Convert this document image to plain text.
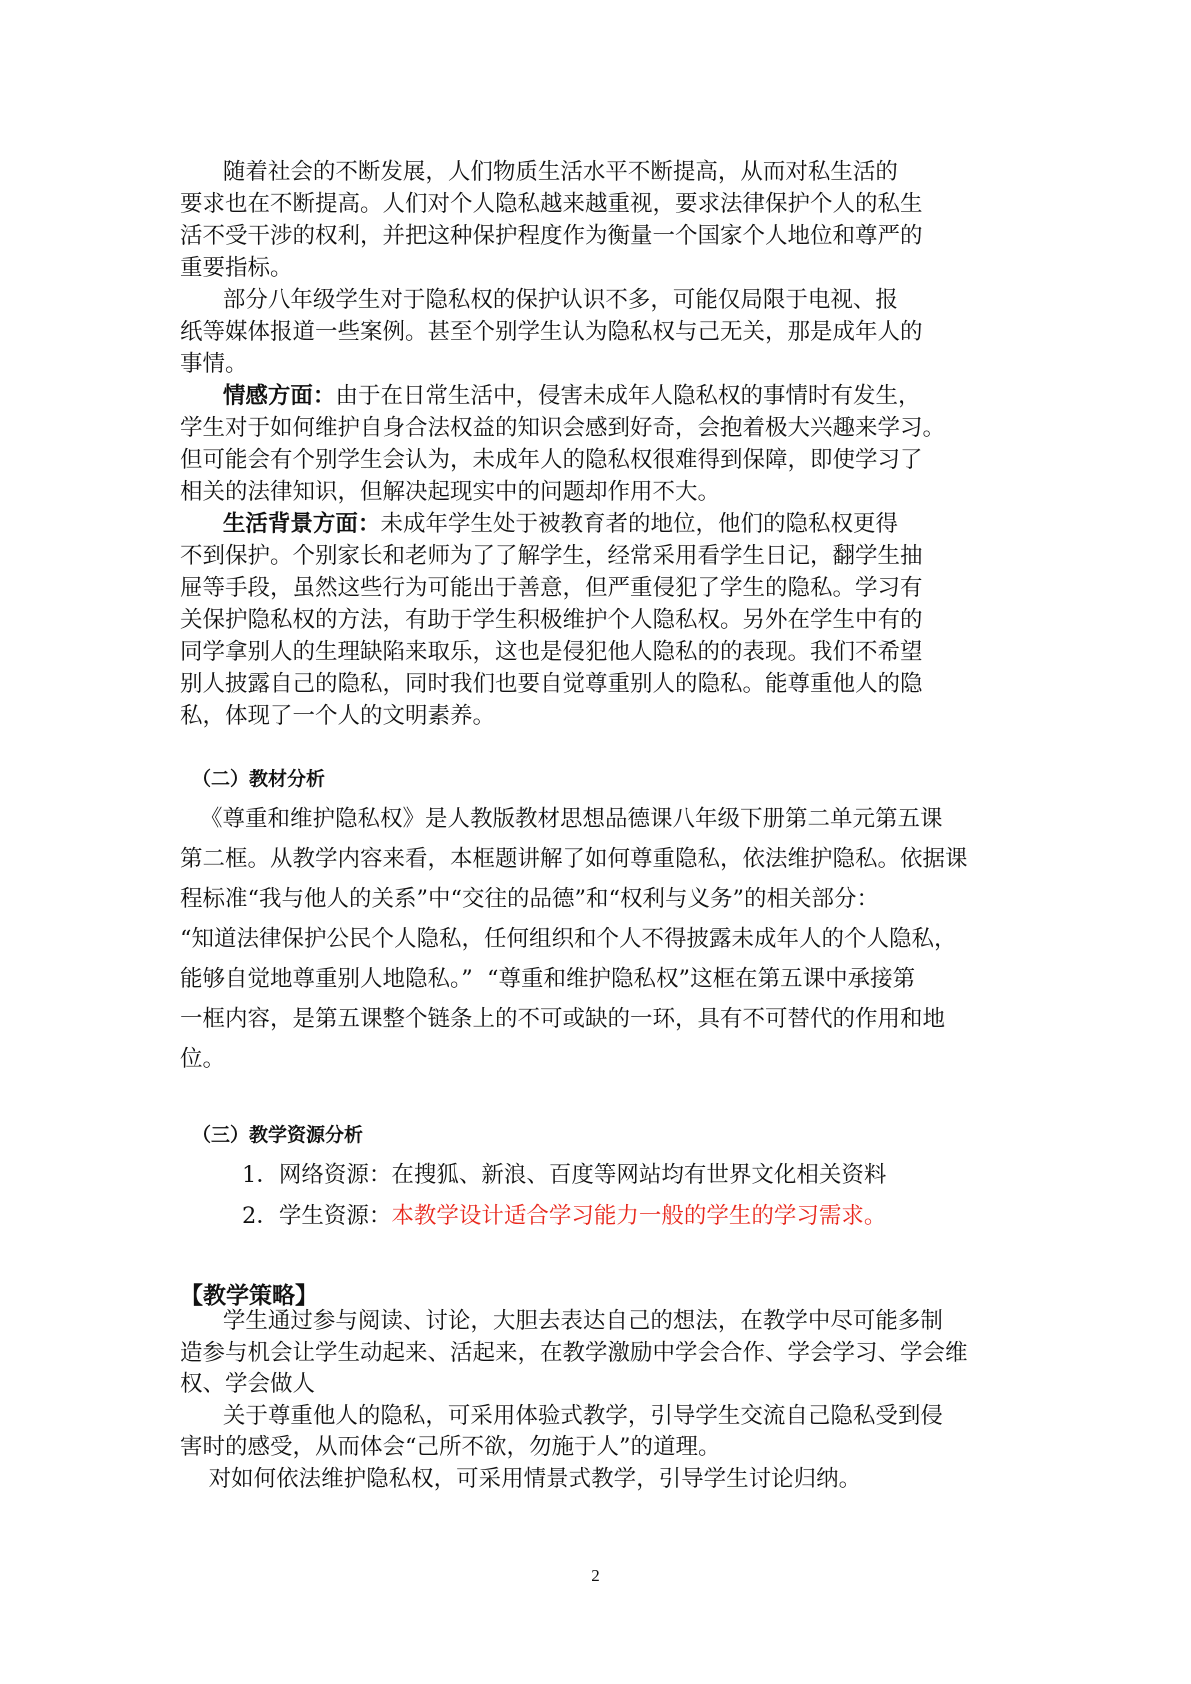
随着社会的不断发展，人们物质生活水平不断提高，从而对私生活的
要求也在不断提高。人们对个人隐私越来越重视，要求法律保护个人的私生
活不受干涉的权利，并把这种保护程度作为衡量一个国家个人地位和尊严的
重要指标。
部分八年级学生对于隐私权的保护认识不多，可能仅局限于电视、报
纸等媒体报道一些案例。甚至个别学生认为隐私权与己无关，那是成年人的
事情。
情感方面：由于在日常生活中，侵害未成年人隐私权的事情时有发生，
学生对于如何维护自身合法权益的知识会感到好奇，会抱着极大兴趣来学习。
但可能会有个别学生会认为，未成年人的隐私权很难得到保障，即使学习了
相关的法律知识，但解决起现实中的问题却作用不大。
生活背景方面：未成年学生处于被教育者的地位，他们的隐私权更得
不到保护。个别家长和老师为了了解学生，经常采用看学生日记，翻学生抽
屉等手段，虽然这些行为可能出于善意，但严重侵犯了学生的隐私。学习有
关保护隐私权的方法，有助于学生积极维护个人隐私权。另外在学生中有的
同学拿别人的生理缺陷来取乐，这也是侵犯他人隐私的的表现。我们不希望
别人披露自己的隐私，同时我们也要自觉尊重别人的隐私。能尊重他人的隐
私，体现了一个人的文明素养。
（二）教材分析
《尊重和维护隐私权》是人教版教材思想品德课八年级下册第二单元第五课
第二框。从教学内容来看，本框题讲解了如何尊重隐私，依法维护隐私。依据课
程标准“我与他人的关系”中“交往的品德”和“权利与义务”的相关部分：
“知道法律保护公民个人隐私，任何组织和个人不得披露未成年人的个人隐私，
能够自觉地尊重别人地隐私。”  “尊重和维护隐私权”这框在第五课中承接第
一框内容，是第五课整个链条上的不可或缺的一环，具有不可替代的作用和地
位。
（三）教学资源分析
1．网络资源：在搜狐、新浪、百度等网站均有世界文化相关资料
2．学生资源：本教学设计适合学习能力一般的学生的学习需求。
【教学策略】
学生通过参与阅读、讨论，大胆去表达自己的想法，在教学中尽可能多制
造参与机会让学生动起来、活起来，在教学激励中学会合作、学会学习、学会维
权、学会做人
关于尊重他人的隐私，可采用体验式教学，引导学生交流自己隐私受到侵
害时的感受，从而体会“己所不欲，勿施于人”的道理。
对如何依法维护隐私权，可采用情景式教学，引导学生讨论归纳。
2
